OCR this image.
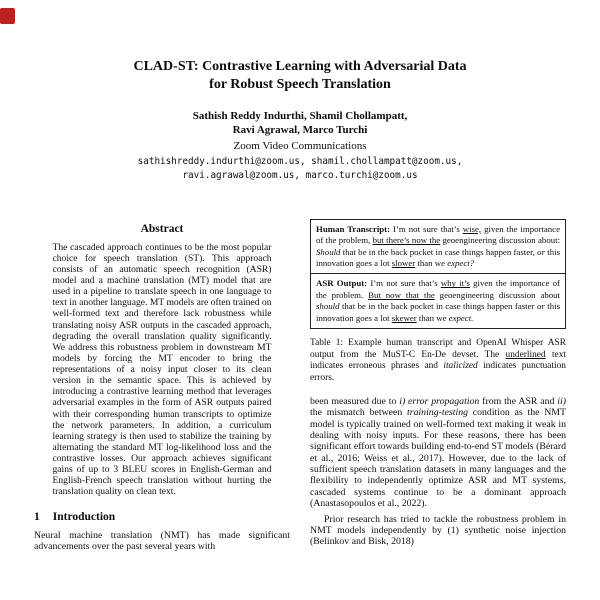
CLAD-ST: Contrastive Learning with Adversarial Data
for Robust Speech Translation
Sathish Reddy Indurthi, Shamil Chollampatt,
Ravi Agrawal, Marco Turchi
Zoom Video Communications
sathishreddy.indurthi@zoom.us, shamil.chollampatt@zoom.us,
ravi.agrawal@zoom.us, marco.turchi@zoom.us
Abstract

The cascaded approach continues to be the most popular choice for speech translation (ST). This approach consists of an automatic speech recognition (ASR) model and a machine translation (MT) model that are used in a pipeline to translate speech in one language to text in another language. MT models are often trained on well-formed text and therefore lack robustness while translating noisy ASR outputs in the cascaded approach, degrading the overall translation quality significantly. We address this robustness problem in downstream MT models by forcing the MT encoder to bring the representations of a noisy input closer to its clean version in the semantic space. This is achieved by introducing a contrastive learning method that leverages adversarial examples in the form of ASR outputs paired with their corresponding human transcripts to optimize the network parameters. In addition, a curriculum learning strategy is then used to stabilize the training by alternating the standard MT log-likelihood loss and the contrastive losses. Our approach achieves significant gains of up to 3 BLEU scores in English-German and English-French speech translation without hurting the translation quality on clean text.

1 Introduction

Neural machine translation (NMT) has made significant advancements over the past several years with

Human Transcript: I’m not sure that’s wise, given the importance of the problem, but there’s now the geoengineering discussion about: Should that be in the back pocket in case things happen faster, or this innovation goes a lot slower than we expect?
ASR Output: I’m not sure that’s why it’s given the importance of the problem. But now that the geoengineering discussion about should that be in the back pocket in case things happen faster or this innovation goes a lot skewer than we expect.
Table 1: Example human transcript and OpenAI Whisper ASR output from the MuST-C En-De devset. The underlined text indicates erroneous phrases and italicized indicates punctuation errors.

been measured due to i) error propagation from the ASR and ii) the mismatch between training-testing condition as the NMT model is typically trained on well-formed text making it weak in dealing with noisy inputs. For these reasons, there has been significant effort towards building end-to-end ST models (Bérard et al., 2016; Weiss et al., 2017). However, due to the lack of sufficient speech translation datasets in many languages and the flexibility to independently optimize ASR and MT systems, cascaded systems continue to be a dominant approach (Anastasopoulos et al., 2022).

Prior research has tried to tackle the robustness problem in NMT models independently by (1) synthetic noise injection (Belinkov and Bisk, 2018)
